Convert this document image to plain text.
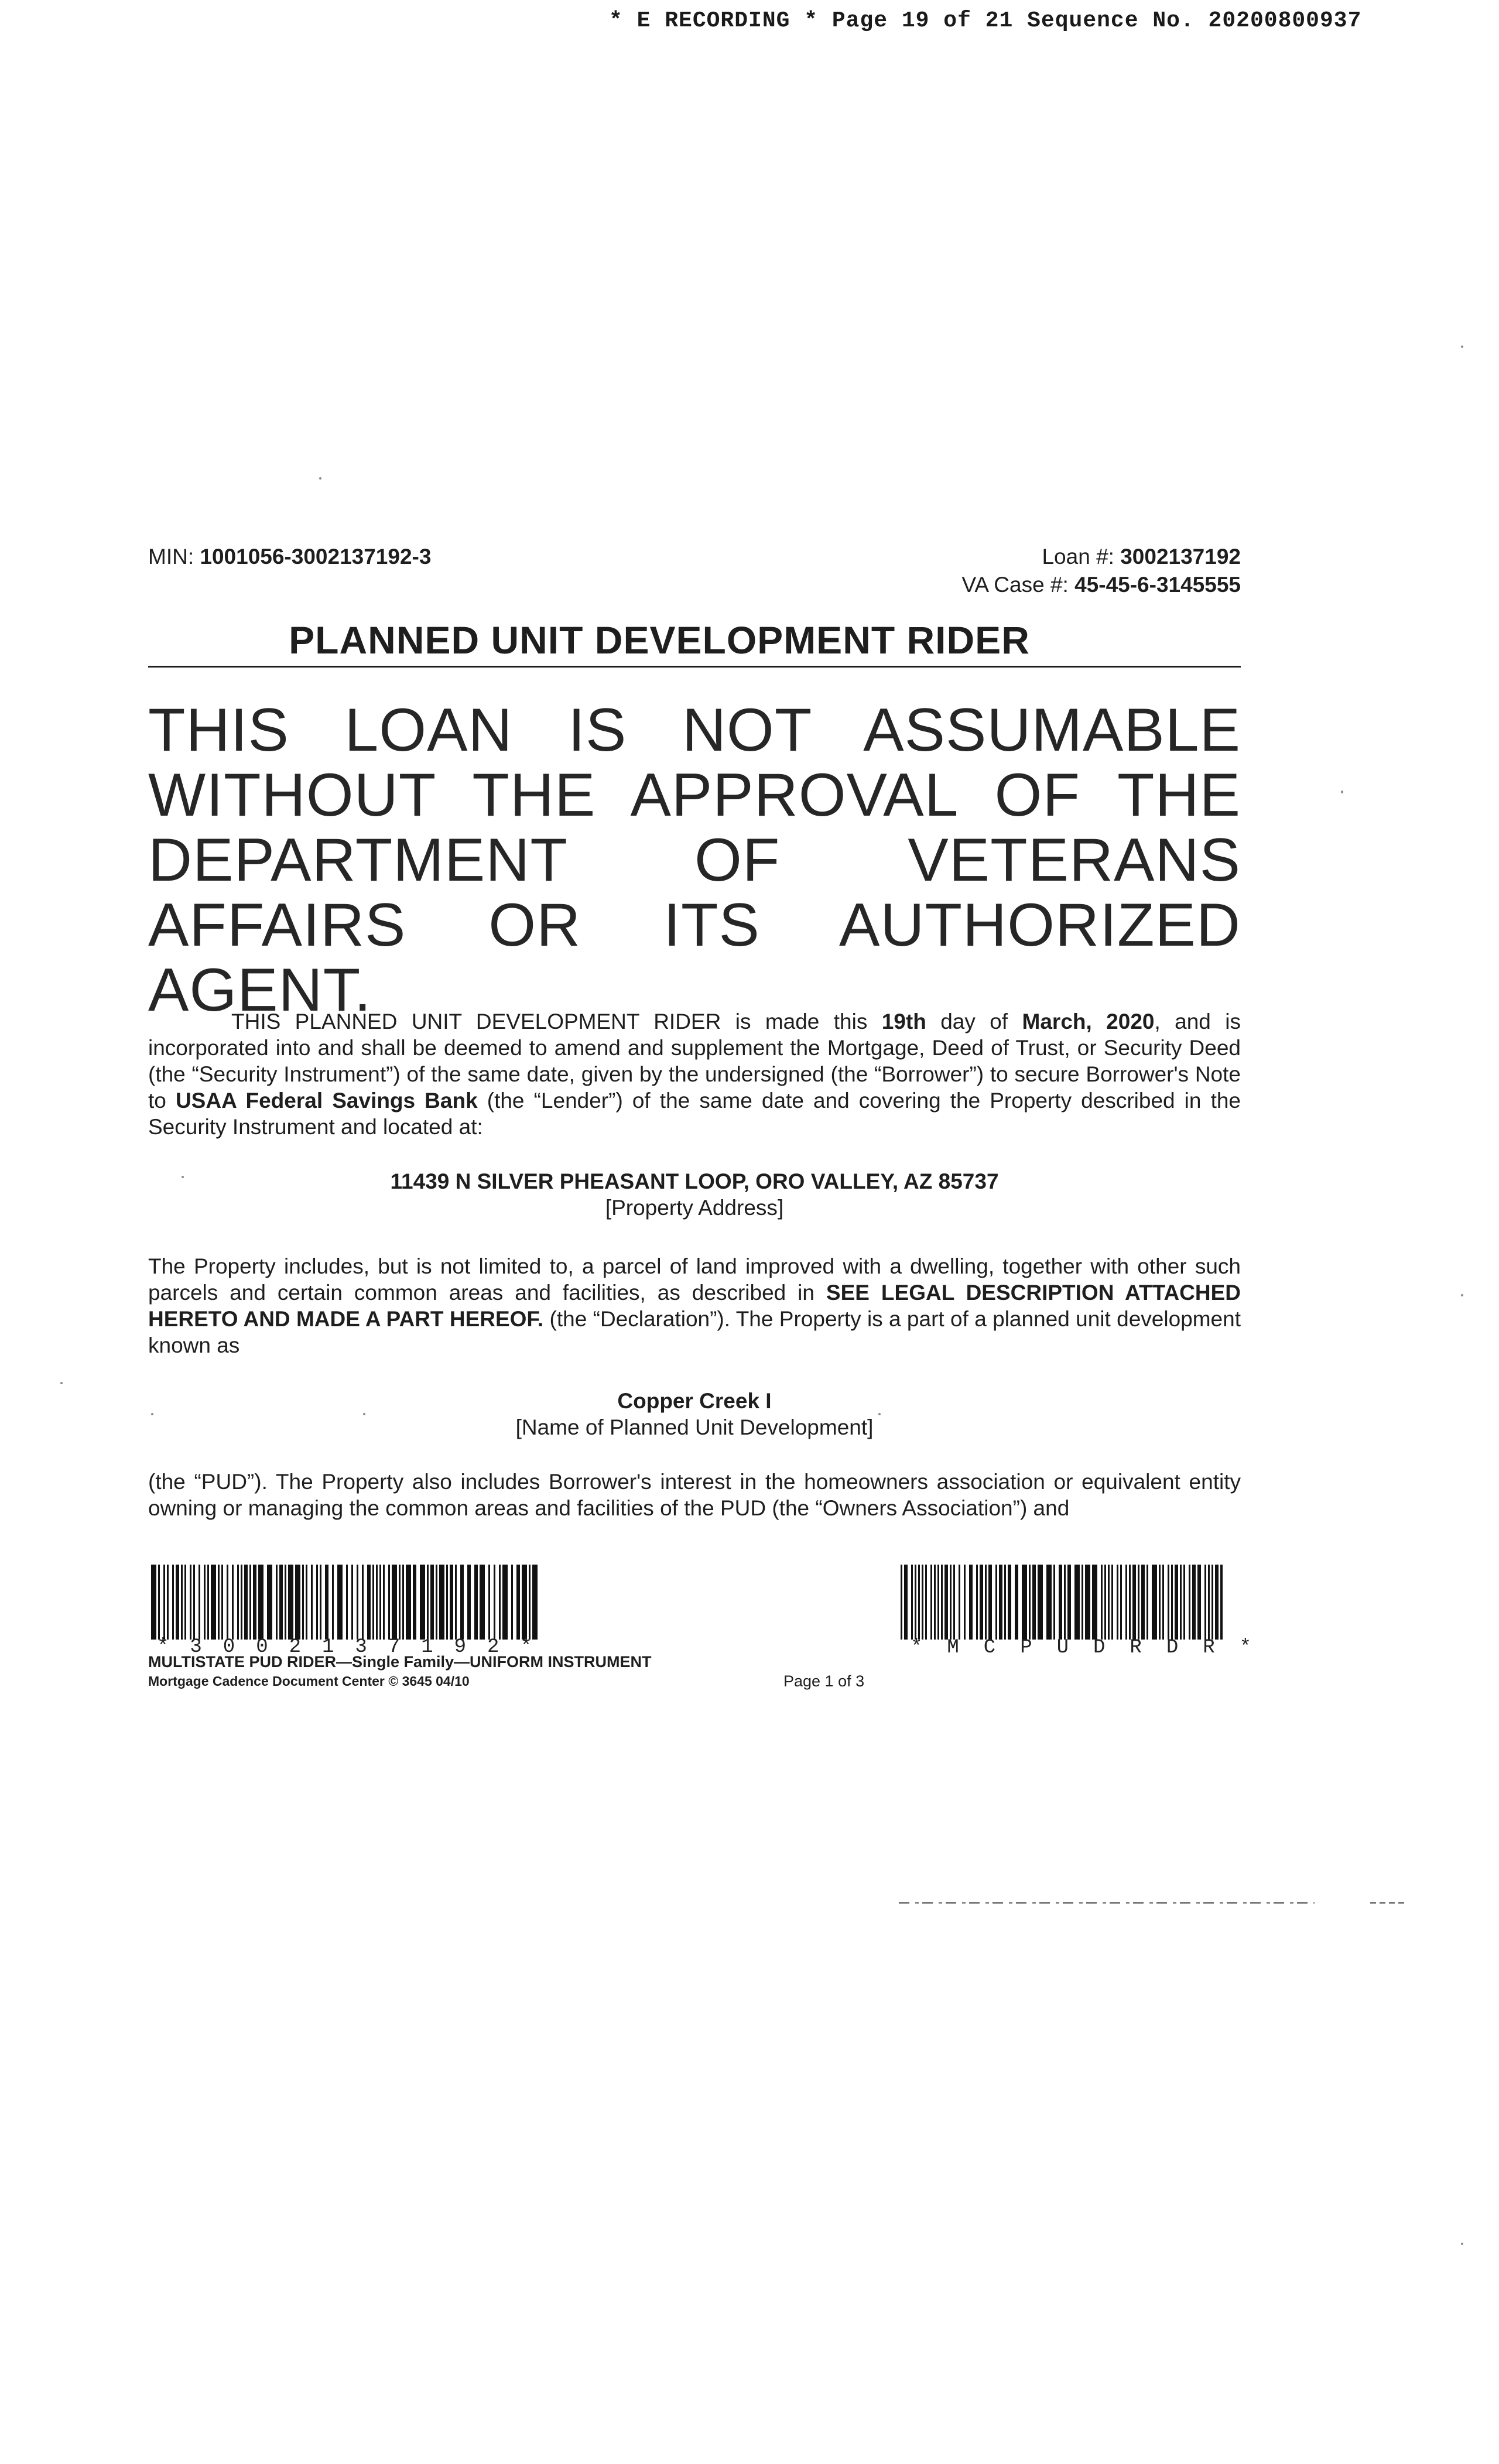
* E RECORDING * Page 19 of 21 Sequence No. 20200800937
MIN: 1001056-3002137192-3	Loan #: 3002137192
VA Case #: 45-45-6-3145555
PLANNED UNIT DEVELOPMENT RIDER
THIS LOAN IS NOT ASSUMABLE WITHOUT THE APPROVAL OF THE DEPARTMENT OF VETERANS AFFAIRS OR ITS AUTHORIZED AGENT.
THIS PLANNED UNIT DEVELOPMENT RIDER is made this 19th day of March, 2020, and is incorporated into and shall be deemed to amend and supplement the Mortgage, Deed of Trust, or Security Deed (the “Security Instrument”) of the same date, given by the undersigned (the “Borrower”) to secure Borrower's Note to USAA Federal Savings Bank (the “Lender”) of the same date and covering the Property described in the Security Instrument and located at:
11439 N SILVER PHEASANT LOOP, ORO VALLEY, AZ 85737
[Property Address]
The Property includes, but is not limited to, a parcel of land improved with a dwelling, together with other such parcels and certain common areas and facilities, as described in SEE LEGAL DESCRIPTION ATTACHED HERETO AND MADE A PART HEREOF. (the “Declaration”). The Property is a part of a planned unit development known as
Copper Creek I
[Name of Planned Unit Development]
(the “PUD”). The Property also includes Borrower's interest in the homeowners association or equivalent entity owning or managing the common areas and facilities of the PUD (the “Owners Association”) and
*3002137192*	*MCPUDRDR*
MULTISTATE PUD RIDER—Single Family—UNIFORM INSTRUMENT
Mortgage Cadence Document Center © 3645 04/10	Page 1 of 3
